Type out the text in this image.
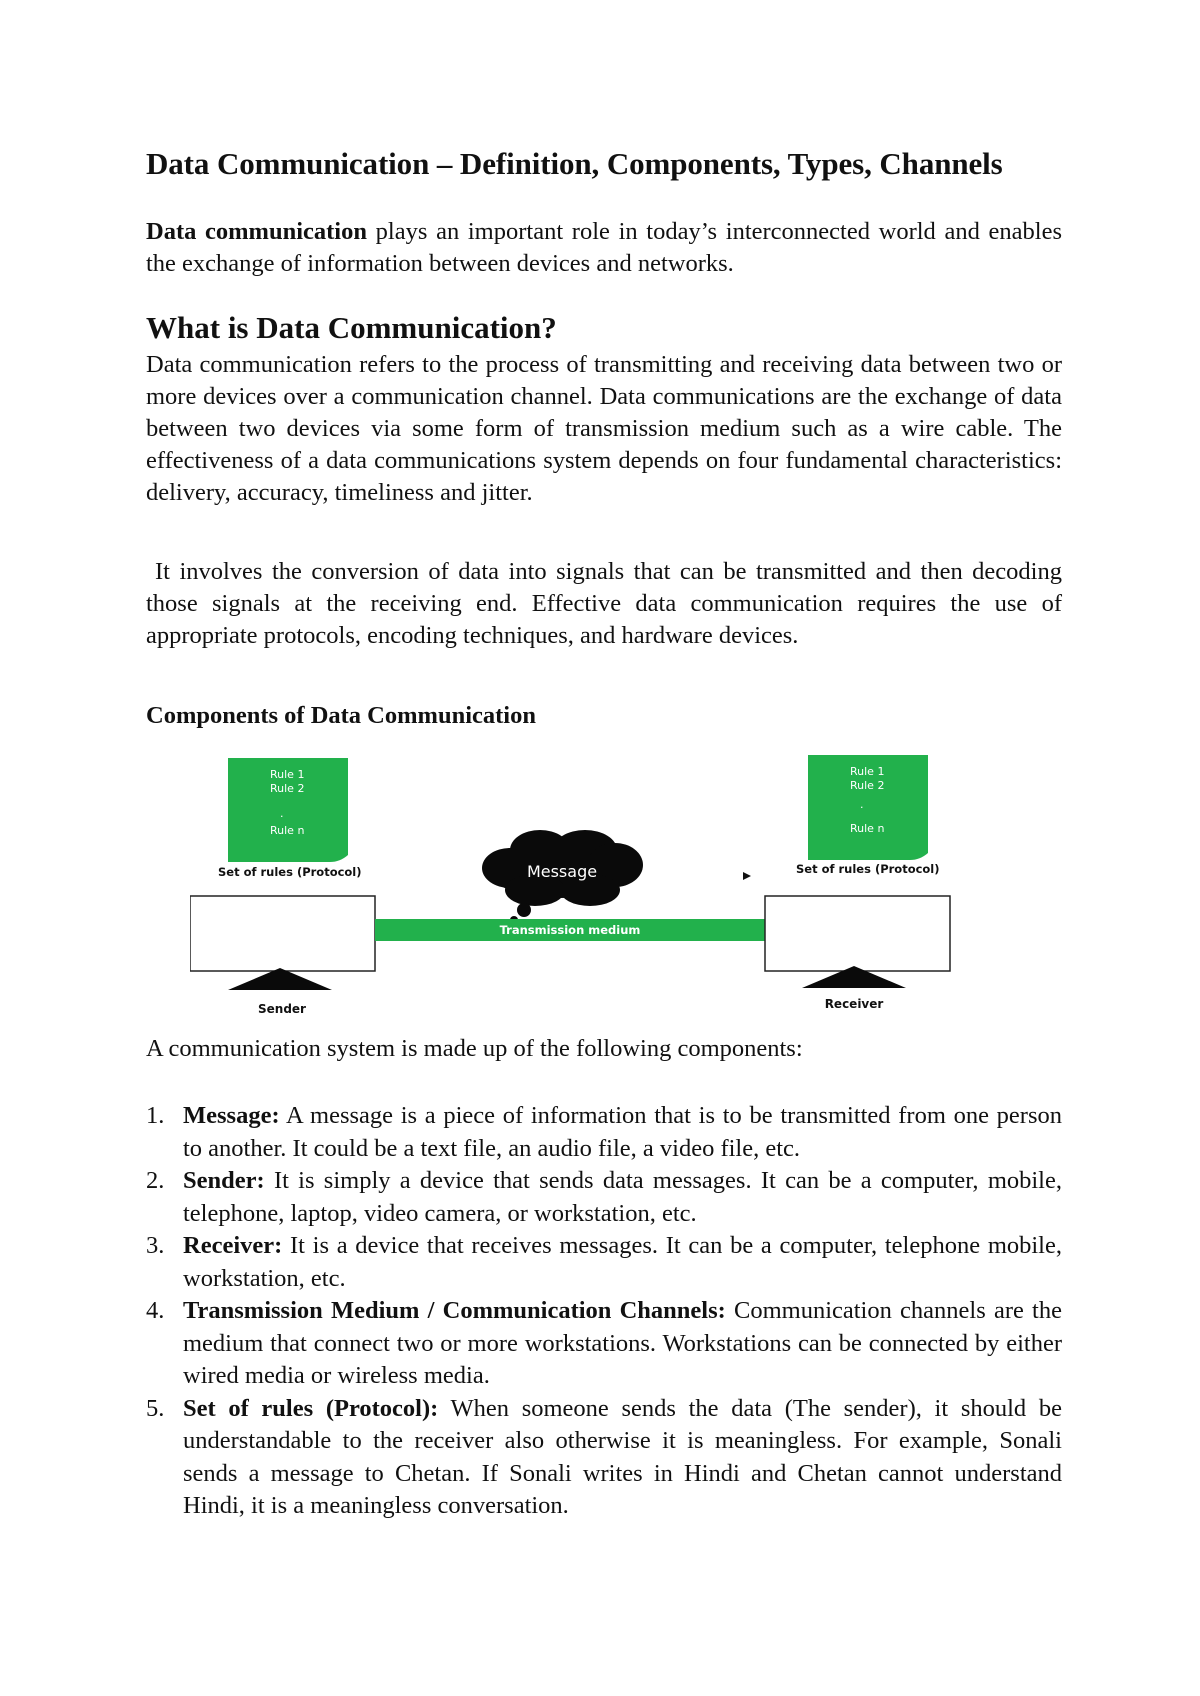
Data Communication – Definition, Components, Types, Channels

Data communication plays an important role in today’s interconnected world and enables the exchange of information between devices and networks.

What is Data Communication?

Data communication refers to the process of transmitting and receiving data between two or more devices over a communication channel. Data communications are the exchange of data between two devices via some form of transmission medium such as a wire cable. The effectiveness of a data communications system depends on four fundamental characteristics: delivery, accuracy, timeliness and jitter.

It involves the conversion of data into signals that can be transmitted and then decoding those signals at the receiving end. Effective data communication requires the use of appropriate protocols, encoding techniques, and hardware devices.

Components of Data Communication
Rule 1
Rule 2
.
Rule n
Set of rules (Protocol)
Rule 1
Rule 2
.
Rule n
Set of rules (Protocol)
Message
Sender
Transmission medium
Receiver

A communication system is made up of the following components:

1. Message: A message is a piece of information that is to be transmitted from one person to another. It could be a text file, an audio file, a video file, etc.
2. Sender: It is simply a device that sends data messages. It can be a computer, mobile, telephone, laptop, video camera, or workstation, etc.
3. Receiver: It is a device that receives messages. It can be a computer, telephone mobile, workstation, etc.
4. Transmission Medium / Communication Channels: Communication channels are the medium that connect two or more workstations. Workstations can be connected by either wired media or wireless media.
5. Set of rules (Protocol): When someone sends the data (The sender), it should be understandable to the receiver also otherwise it is meaningless. For example, Sonali sends a message to Chetan. If Sonali writes in Hindi and Chetan cannot understand Hindi, it is a meaningless conversation.
